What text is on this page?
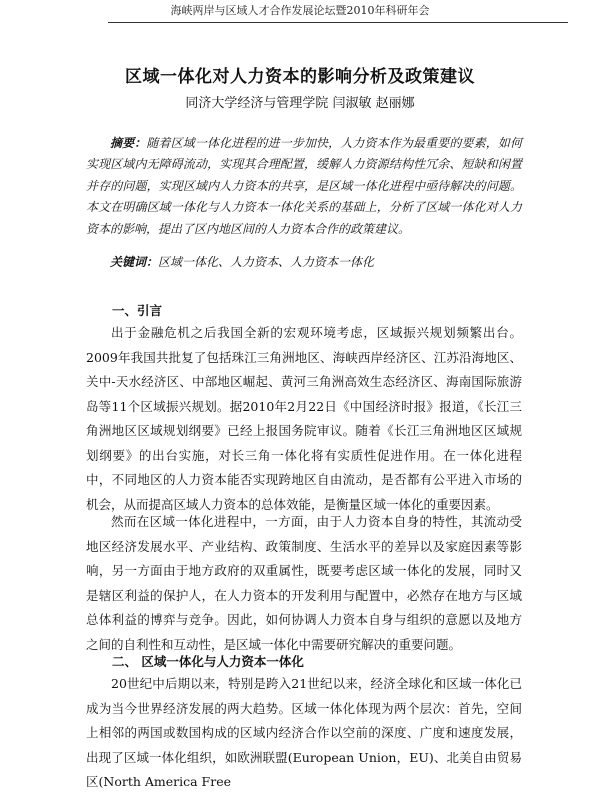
海峡两岸与区域人才合作发展论坛暨2010年科研年会
区域一体化对人力资本的影响分析及政策建议
同济大学经济与管理学院 闫淑敏 赵丽娜
摘要：随着区域一体化进程的进一步加快，人力资本作为最重要的要素，如何实现区域内无障碍流动，实现其合理配置，缓解人力资源结构性冗余、短缺和闲置并存的问题，实现区域内人力资本的共享，是区域一体化进程中亟待解决的问题。本文在明确区域一体化与人力资本一体化关系的基础上，分析了区域一体化对人力资本的影响，提出了区内地区间的人力资本合作的政策建议。
关键词：区域一体化、人力资本、人力资本一体化
一、引言
出于金融危机之后我国全新的宏观环境考虑，区域振兴规划频繁出台。2009年我国共批复了包括珠江三角洲地区、海峡西岸经济区、江苏沿海地区、关中-天水经济区、中部地区崛起、黄河三角洲高效生态经济区、海南国际旅游岛等11个区域振兴规划。据2010年2月22日《中国经济时报》报道，《长江三角洲地区区域规划纲要》已经上报国务院审议。随着《长江三角洲地区区域规划纲要》的出台实施，对长三角一体化将有实质性促进作用。在一体化进程中，不同地区的人力资本能否实现跨地区自由流动，是否都有公平进入市场的机会，从而提高区域人力资本的总体效能，是衡量区域一体化的重要因素。
然而在区域一体化进程中，一方面，由于人力资本自身的特性，其流动受地区经济发展水平、产业结构、政策制度、生活水平的差异以及家庭因素等影响，另一方面由于地方政府的双重属性，既要考虑区域一体化的发展，同时又是辖区利益的保护人，在人力资本的开发利用与配置中，必然存在地方与区域总体利益的博弈与竞争。因此，如何协调人力资本自身与组织的意愿以及地方之间的自利性和互动性，是区域一体化中需要研究解决的重要问题。
二、 区域一体化与人力资本一体化
20世纪中后期以来，特别是跨入21世纪以来，经济全球化和区域一体化已成为当今世界经济发展的两大趋势。区域一体化体现为两个层次：首先，空间上相邻的两国或数国构成的区域内经济合作以空前的深度、广度和速度发展，出现了区域一体化组织，如欧洲联盟(European Union，EU)、北美自由贸易区(North America Free
